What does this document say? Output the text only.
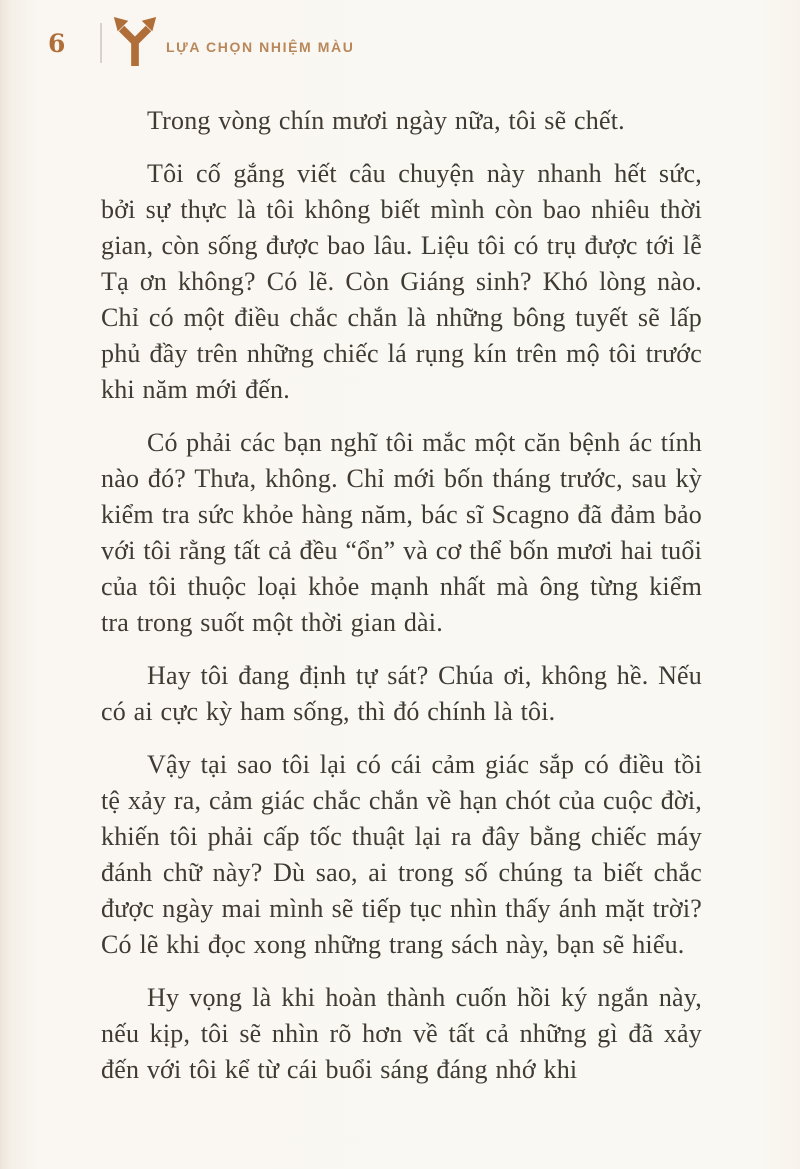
6	LỰA CHỌN NHIỆM MÀU

Trong vòng chín mươi ngày nữa, tôi sẽ chết.

Tôi cố gắng viết câu chuyện này nhanh hết sức, bởi sự thực là tôi không biết mình còn bao nhiêu thời gian, còn sống được bao lâu. Liệu tôi có trụ được tới lễ Tạ ơn không? Có lẽ. Còn Giáng sinh? Khó lòng nào. Chỉ có một điều chắc chắn là những bông tuyết sẽ lấp phủ đầy trên những chiếc lá rụng kín trên mộ tôi trước khi năm mới đến.

Có phải các bạn nghĩ tôi mắc một căn bệnh ác tính nào đó? Thưa, không. Chỉ mới bốn tháng trước, sau kỳ kiểm tra sức khỏe hàng năm, bác sĩ Scagno đã đảm bảo với tôi rằng tất cả đều “ổn” và cơ thể bốn mươi hai tuổi của tôi thuộc loại khỏe mạnh nhất mà ông từng kiểm tra trong suốt một thời gian dài.

Hay tôi đang định tự sát? Chúa ơi, không hề. Nếu có ai cực kỳ ham sống, thì đó chính là tôi.

Vậy tại sao tôi lại có cái cảm giác sắp có điều tồi tệ xảy ra, cảm giác chắc chắn về hạn chót của cuộc đời, khiến tôi phải cấp tốc thuật lại ra đây bằng chiếc máy đánh chữ này? Dù sao, ai trong số chúng ta biết chắc được ngày mai mình sẽ tiếp tục nhìn thấy ánh mặt trời? Có lẽ khi đọc xong những trang sách này, bạn sẽ hiểu.

Hy vọng là khi hoàn thành cuốn hồi ký ngắn này, nếu kịp, tôi sẽ nhìn rõ hơn về tất cả những gì đã xảy đến với tôi kể từ cái buổi sáng đáng nhớ khi
